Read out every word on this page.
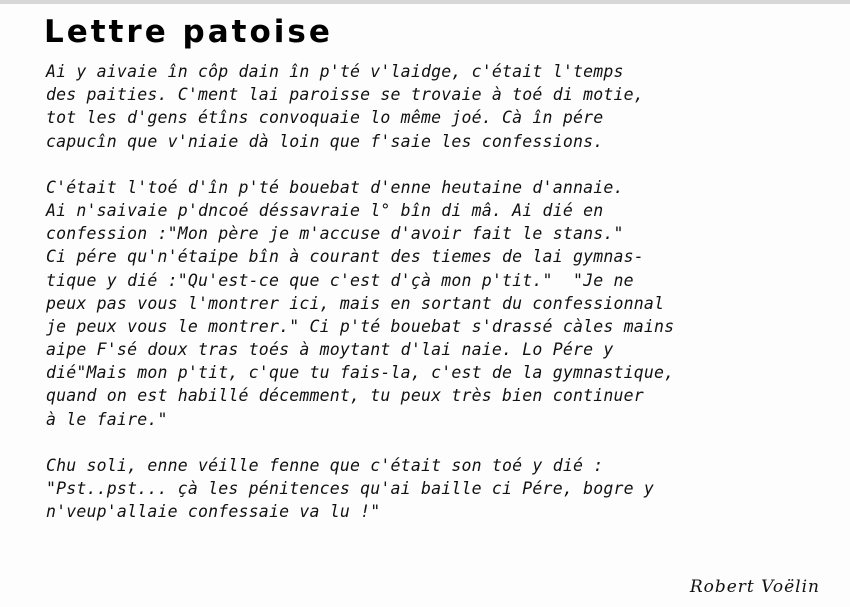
Lettre patoise
Ai y aivaie în côp dain în p'té v'laidge, c'était l'temps
des paities. C'ment lai paroisse se trovaie à toé di motie,
tot les d'gens étîns convoquaie lo même joé. Cà în pére
capucîn que v'niaie dà loin que f'saie les confessions.
C'était l'toé d'în p'té bouebat d'enne heutaine d'annaie.
Ai n'saivaie p'dncoé déssavraie l° bîn di mâ. Ai dié en
confession :"Mon père je m'accuse d'avoir fait le stans."
Ci pére qu'n'étaipe bîn à courant des tiemes de lai gymnas-
tique y dié :"Qu'est-ce que c'est d'çà mon p'tit."  "Je ne
peux pas vous l'montrer ici, mais en sortant du confessionnal
je peux vous le montrer." Ci p'té bouebat s'drassé càles mains
aipe F'sé doux tras toés à moytant d'lai naie. Lo Pére y
dié"Mais mon p'tit, c'que tu fais-la, c'est de la gymnastique,
quand on est habillé décemment, tu peux très bien continuer
à le faire."
Chu soli, enne véille fenne que c'était son toé y dié :
"Pst..pst... çà les pénitences qu'ai baille ci Pére, bogre y
n'veup'allaie confessaie va lu !"
Robert Voëlin
